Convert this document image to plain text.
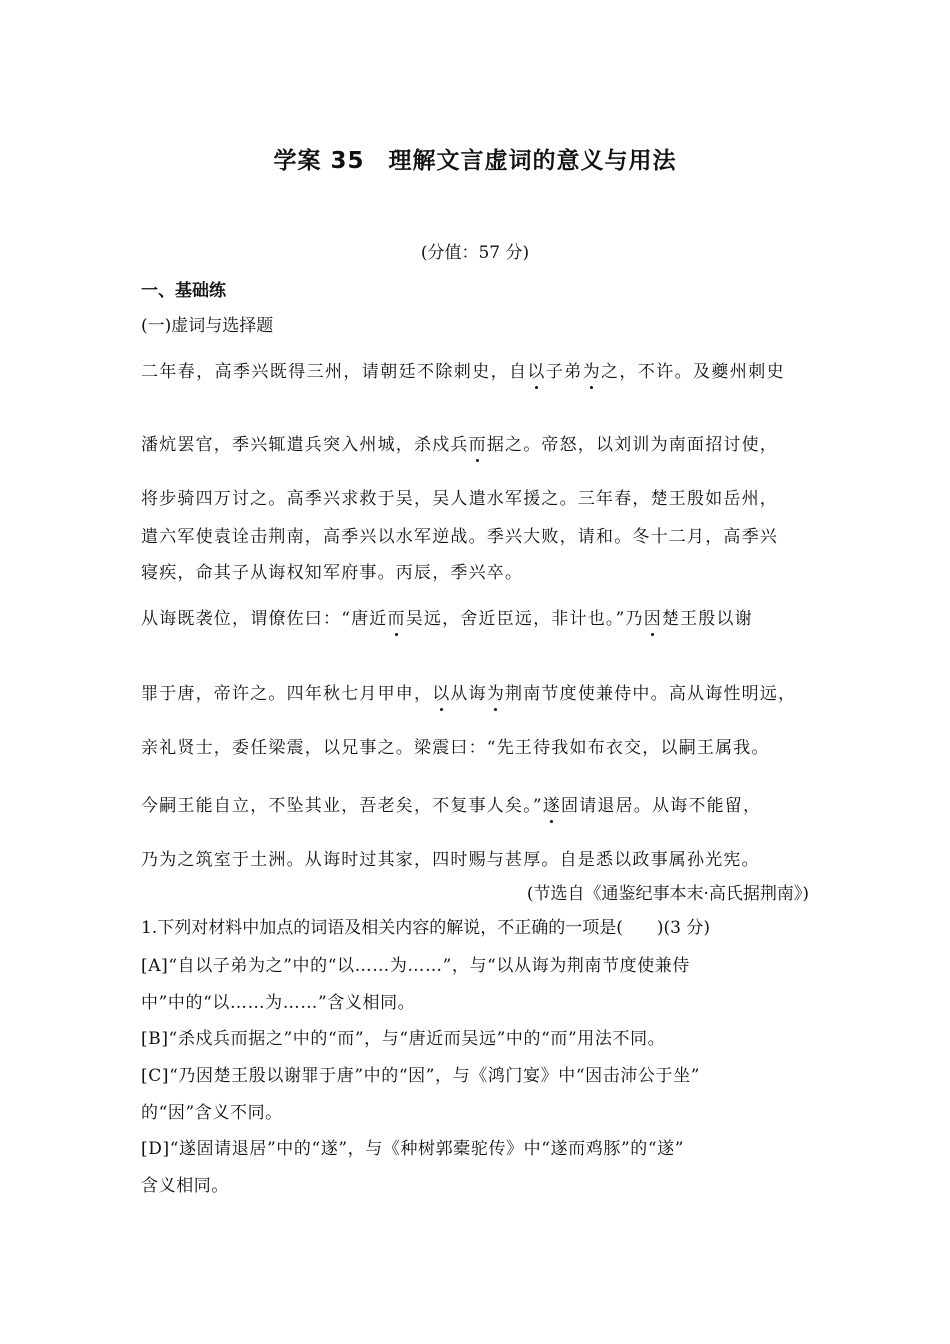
学案 35　理解文言虚词的意义与用法
(分值：57 分)
一、基础练
(一)虚词与选择题
二年春，高季兴既得三州，请朝廷不除刺史，自以子弟为之，不许。及夔州刺史
潘炕罢官，季兴辄遣兵突入州城，杀戍兵而据之。帝怒，以刘训为南面招讨使，
将步骑四万讨之。高季兴求救于吴，吴人遣水军援之。三年春，楚王殷如岳州，
遣六军使袁诠击荆南，高季兴以水军逆战。季兴大败，请和。冬十二月，高季兴
寝疾，命其子从诲权知军府事。丙辰，季兴卒。
从诲既袭位，谓僚佐曰：“唐近而吴远，舍近臣远，非计也。”乃因楚王殷以谢
罪于唐，帝许之。四年秋七月甲申，以从诲为荆南节度使兼侍中。高从诲性明远，
亲礼贤士，委任梁震，以兄事之。梁震曰：“先王待我如布衣交，以嗣王属我。
今嗣王能自立，不坠其业，吾老矣，不复事人矣。”遂固请退居。从诲不能留，
乃为之筑室于土洲。从诲时过其家，四时赐与甚厚。自是悉以政事属孙光宪。
(节选自《通鉴纪事本末·高氏据荆南》)
1.下列对材料中加点的词语及相关内容的解说，不正确的一项是(　　)(3 分)
[A]“自以子弟为之”中的“以……为……”，与“以从诲为荆南节度使兼侍
中”中的“以……为……”含义相同。
[B]“杀戍兵而据之”中的“而”，与“唐近而吴远”中的“而”用法不同。
[C]“乃因楚王殷以谢罪于唐”中的“因”，与《鸿门宴》中“因击沛公于坐”
的“因”含义不同。
[D]“遂固请退居”中的“遂”，与《种树郭橐驼传》中“遂而鸡豚”的“遂”
含义相同。
